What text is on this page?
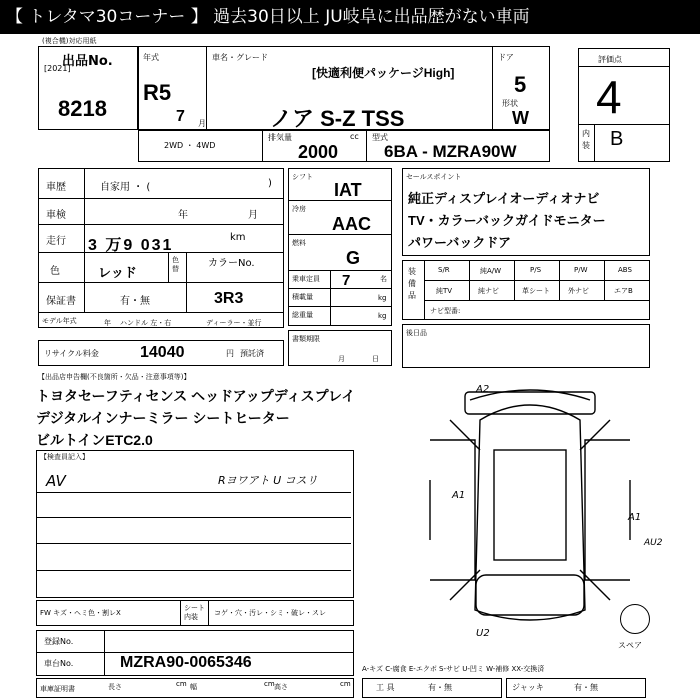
【 トレタマ30コーナー 】 過去30日以上 JU岐阜に出品歴がない車両
(複合機)対応用紙
出品No.
[2021]
8218
年式
R5
7 月
車名・グレード
[快適利便パッケージHigh]
ノア S-Z TSS
ドア
5
形状
W
2WD ・ 4WD
排気量
2000
cc 型式
6BA - MZRA90W
評価点
4
内装 B
車歴	自家用 ・ (	)
車検	年	月
走行 3 万9 031	km
色	レッド
色替	カラーNo.
保証書	有・無	3R3
モデル年式	年 ハンドル 左・右	ディーラー・並行
リサイクル料金	14040	円 預託済
シフト
IAT
冷房
AAC
燃料
G
乗車定員 7	名
積載量	kg
総重量	kg
書類期限
月	日
セールスポイント
純正ディスプレイオーディオナビ
TV・カラーバックガイドモニター
パワーバックドア
装備品
S/R	純A/W	P/S	P/W	ABS
純TV	純ナビ	革シート	外ナビ	エアB
ナビ型番:
後日品
【出品店申告欄(不良箇所・欠品・注意事項等)】
トヨタセーフティセンス ヘッドアップディスプレイ
デジタルインナーミラー シートヒーター
ビルトインETC2.0
【検査員記入】
AV	Rヨワアト U コスリ
A2
A1
A1
AU2
U2
スペア
FW キズ・ヘミ色・割レX
シート内装	コゲ・穴・汚レ・シミ・破レ・スレ
登録No.
車台No.	MZRA90-0065346	A-キズ C-腐食 E-エクボ S-サビ U-凹ミ W-補修 XX-交換済
車庫証明書	長さ	cm 幅	cm 高さ	cm	工 具	有・無	ジャッキ	有・無
